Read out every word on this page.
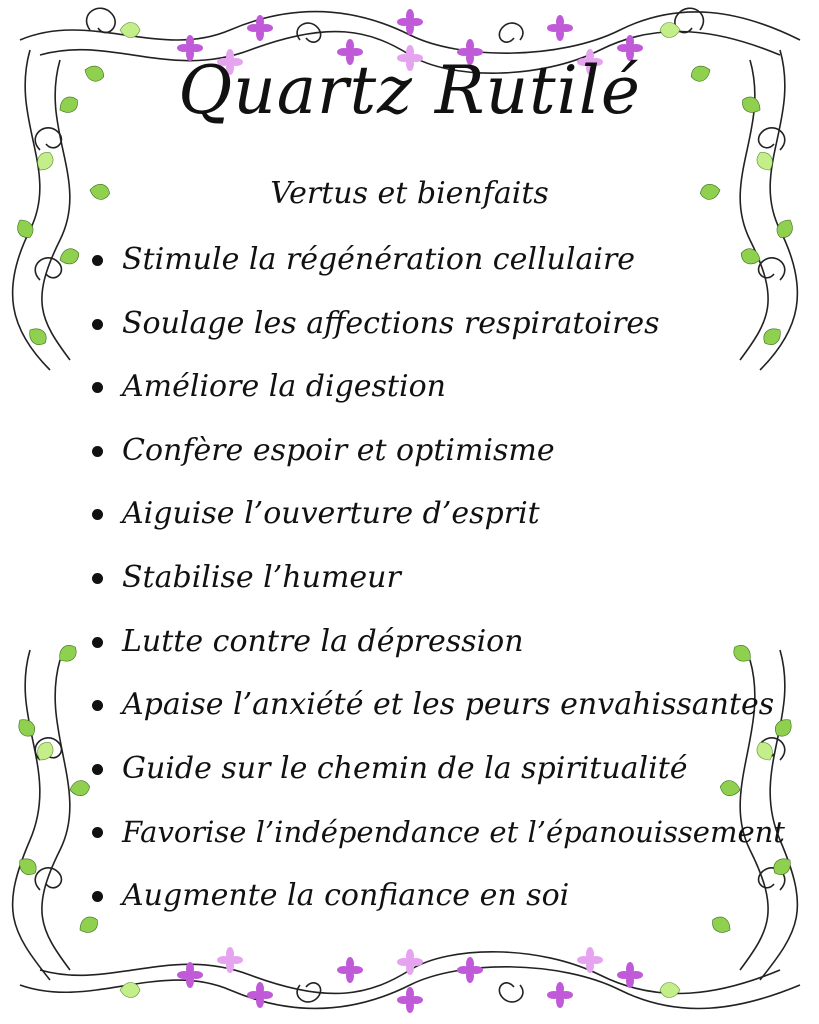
Quartz Rutilé
Vertus et bienfaits
Stimule la régénération cellulaire
Soulage les affections respiratoires
Améliore la digestion
Confère espoir et optimisme
Aiguise l’ouverture d’esprit
Stabilise l’humeur
Lutte contre la dépression
Apaise l’anxiété et les peurs envahissantes
Guide sur le chemin de la spiritualité
Favorise l’indépendance et l’épanouissement
Augmente la confiance en soi
